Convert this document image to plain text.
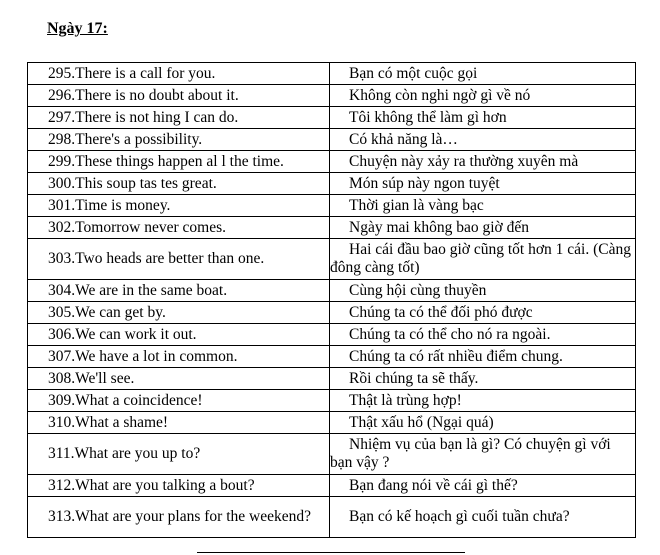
Ngày 17:
295.There is a call for you.	Bạn có một cuộc gọi
296.There is no doubt about it.	Không còn nghi ngờ gì về nó
297.There is not hing I can do.	Tôi không thể làm gì hơn
298.There's a possibility.	Có khả năng là…
299.These things happen al l the time.	Chuyện này xảy ra thường xuyên mà
300.This soup tas tes great.	Món súp này ngon tuyệt
301.Time is money.	Thời gian là vàng bạc
302.Tomorrow never comes.	Ngày mai không bao giờ đến
303.Two heads are better than one.	Hai cái đầu bao giờ cũng tốt hơn 1 cái. (Càng đông càng tốt)
304.We are in the same boat.	Cùng hội cùng thuyền
305.We can get by.	Chúng ta có thể đối phó được
306.We can work it out.	Chúng ta có thể cho nó ra ngoài.
307.We have a lot in common.	Chúng ta có rất nhiều điểm chung.
308.We'll see.	Rồi chúng ta sẽ thấy.
309.What a coincidence!	Thật là trùng hợp!
310.What a shame!	Thật xấu hổ (Ngại quá)
311.What are you up to?	Nhiệm vụ của bạn là gì? Có chuyện gì với bạn vậy ?
312.What are you talking a bout?	Bạn đang nói về cái gì thế?
313.What are your plans for the weekend?	Bạn có kế hoạch gì cuối tuần chưa?
